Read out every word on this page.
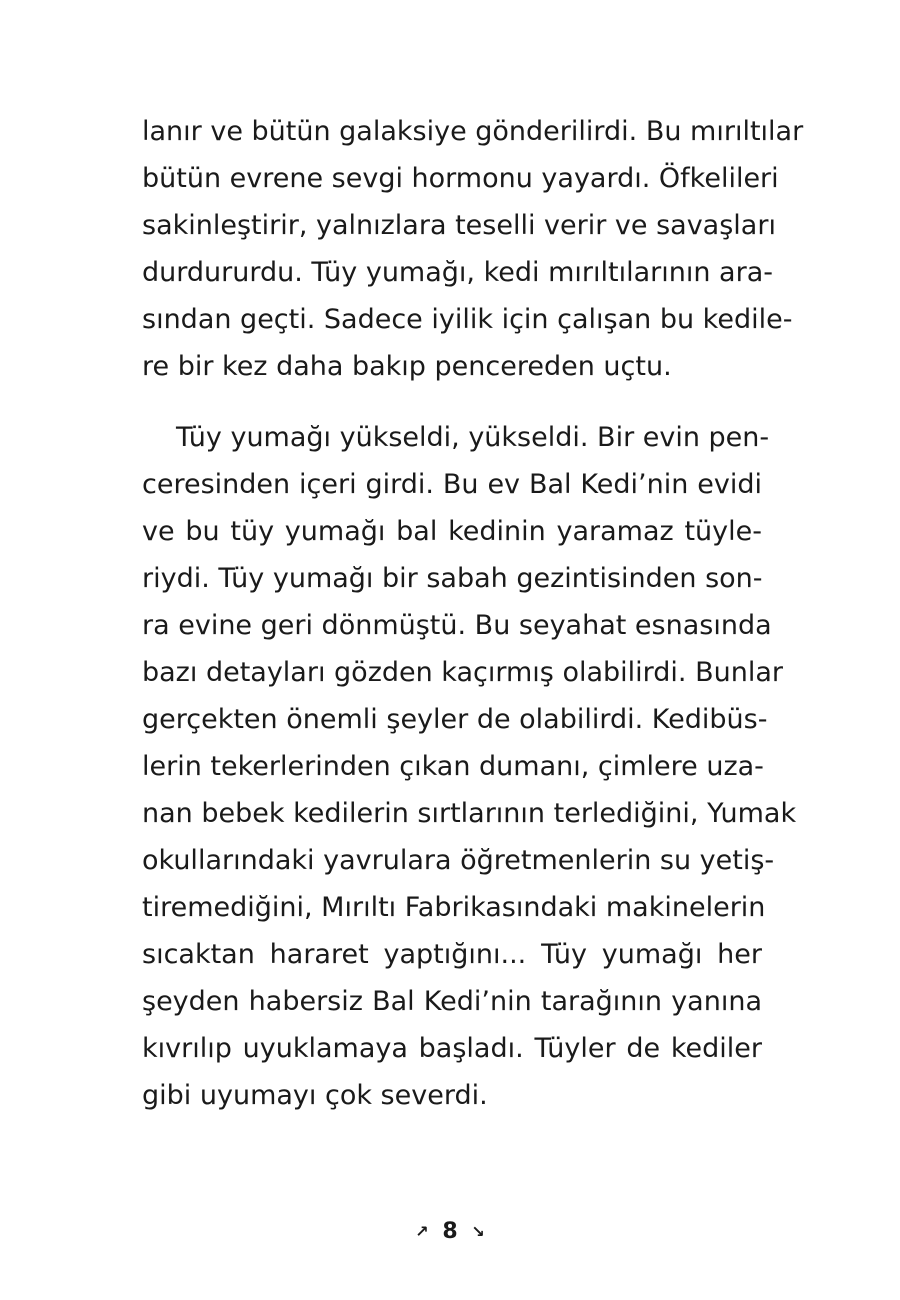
lanır ve bütün galaksiye gönderilirdi. Bu mırıltılar
bütün evrene sevgi hormonu yayardı. Öfkelileri
sakinleştirir, yalnızlara teselli verir ve savaşları
durdururdu. Tüy yumağı, kedi mırıltılarının ara-
sından geçti. Sadece iyilik için çalışan bu kedile-
re bir kez daha bakıp pencereden uçtu.
Tüy yumağı yükseldi, yükseldi. Bir evin pen-
ceresinden içeri girdi. Bu ev Bal Kedi’nin evidi
ve bu tüy yumağı bal kedinin yaramaz tüyle-
riydi. Tüy yumağı bir sabah gezintisinden son-
ra evine geri dönmüştü. Bu seyahat esnasında
bazı detayları gözden kaçırmış olabilirdi. Bunlar
gerçekten önemli şeyler de olabilirdi. Kedibüs-
lerin tekerlerinden çıkan dumanı, çimlere uza-
nan bebek kedilerin sırtlarının terlediğini, Yumak
okullarındaki yavrulara öğretmenlerin su yetiş-
tiremediğini, Mırıltı Fabrikasındaki makinelerin
sıcaktan hararet yaptığını... Tüy yumağı her
şeyden habersiz Bal Kedi’nin tarağının yanına
kıvrılıp uyuklamaya başladı. Tüyler de kediler
gibi uyumayı çok severdi.
↗ 8 ↘
